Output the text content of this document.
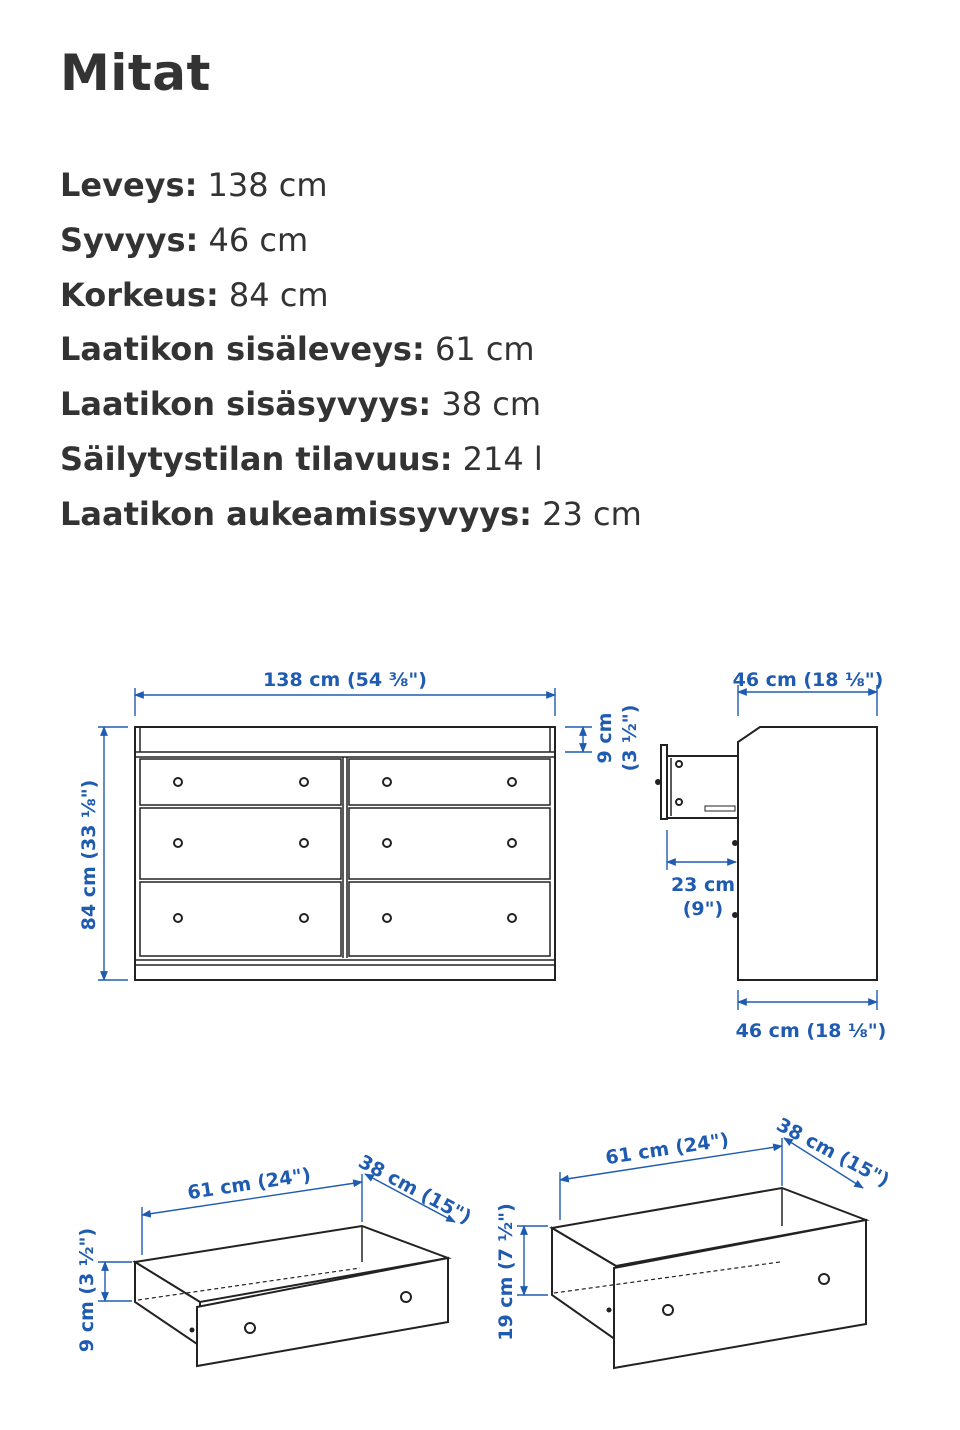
Mitat
Leveys: 138 cm
Syvyys: 46 cm
Korkeus: 84 cm
Laatikon sisäleveys: 61 cm
Laatikon sisäsyvyys: 38 cm
Säilytystilan tilavuus: 214 l
Laatikon aukeamissyvyys: 23 cm
138 cm (54 ⅜")
84 cm (33 ⅛")
9 cm (3 ½")
46 cm (18 ⅛")
23 cm
(9")
46 cm (18 ⅛")
61 cm (24") 38 cm (15")
9 cm (3 ½")
61 cm (24") 38 cm (15")
19 cm (7 ½")
